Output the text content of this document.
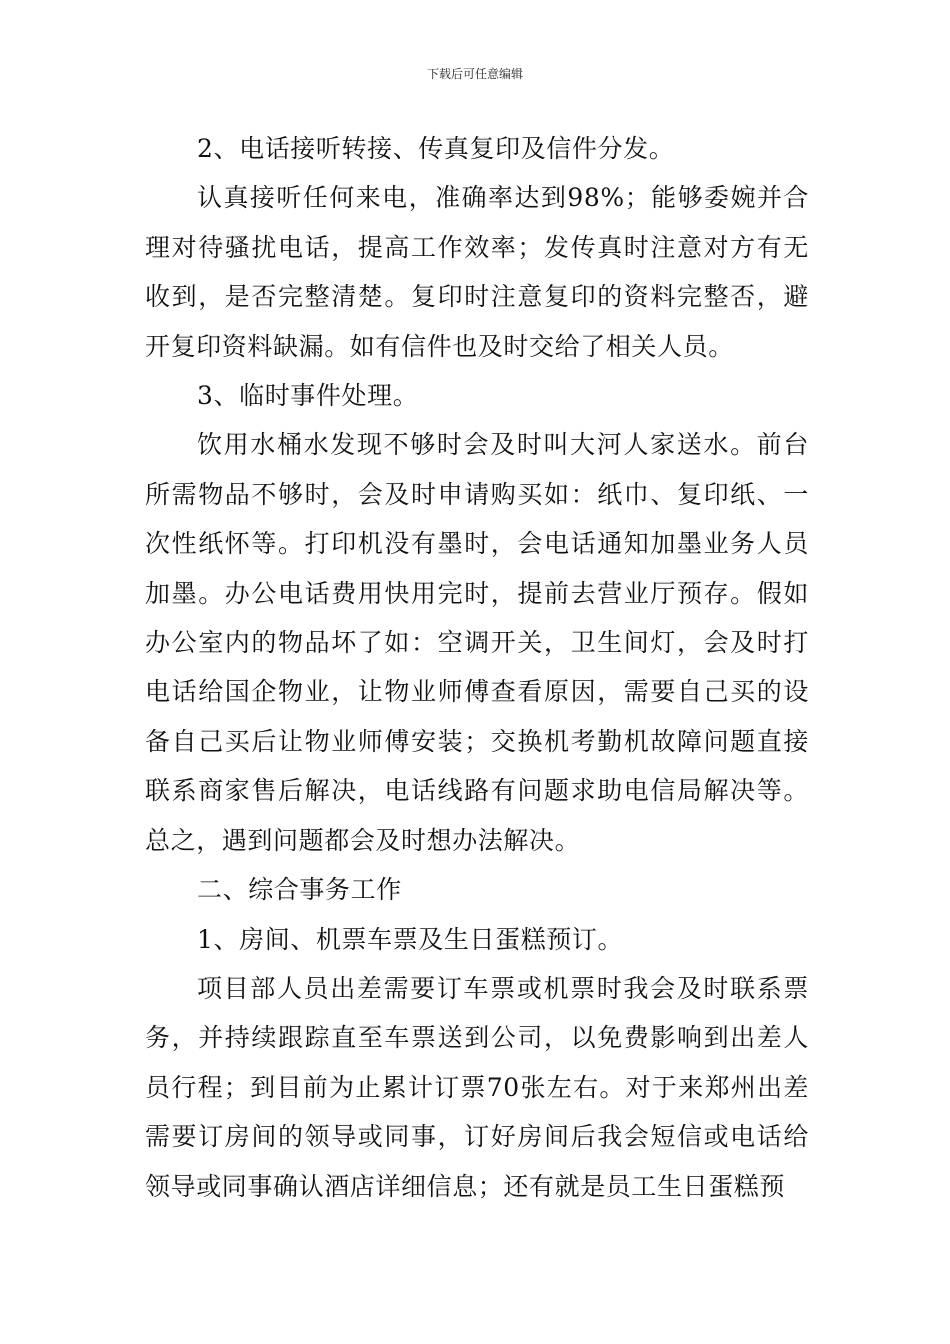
下载后可任意编辑

2、电话接听转接、传真复印及信件分发。

认真接听任何来电，准确率达到98%；能够委婉并合理对待骚扰电话，提高工作效率；发传真时注意对方有无收到，是否完整清楚。复印时注意复印的资料完整否，避开复印资料缺漏。如有信件也及时交给了相关人员。

3、临时事件处理。

饮用水桶水发现不够时会及时叫大河人家送水。前台所需物品不够时，会及时申请购买如：纸巾、复印纸、一次性纸怀等。打印机没有墨时，会电话通知加墨业务人员加墨。办公电话费用快用完时，提前去营业厅预存。假如办公室内的物品坏了如：空调开关，卫生间灯，会及时打电话给国企物业，让物业师傅查看原因，需要自己买的设备自己买后让物业师傅安装；交换机考勤机故障问题直接联系商家售后解决，电话线路有问题求助电信局解决等。总之，遇到问题都会及时想办法解决。

二、综合事务工作

1、房间、机票车票及生日蛋糕预订。

项目部人员出差需要订车票或机票时我会及时联系票务，并持续跟踪直至车票送到公司，以免费影响到出差人员行程；到目前为止累计订票70张左右。对于来郑州出差需要订房间的领导或同事，订好房间后我会短信或电话给领导或同事确认酒店详细信息；还有就是员工生日蛋糕预
